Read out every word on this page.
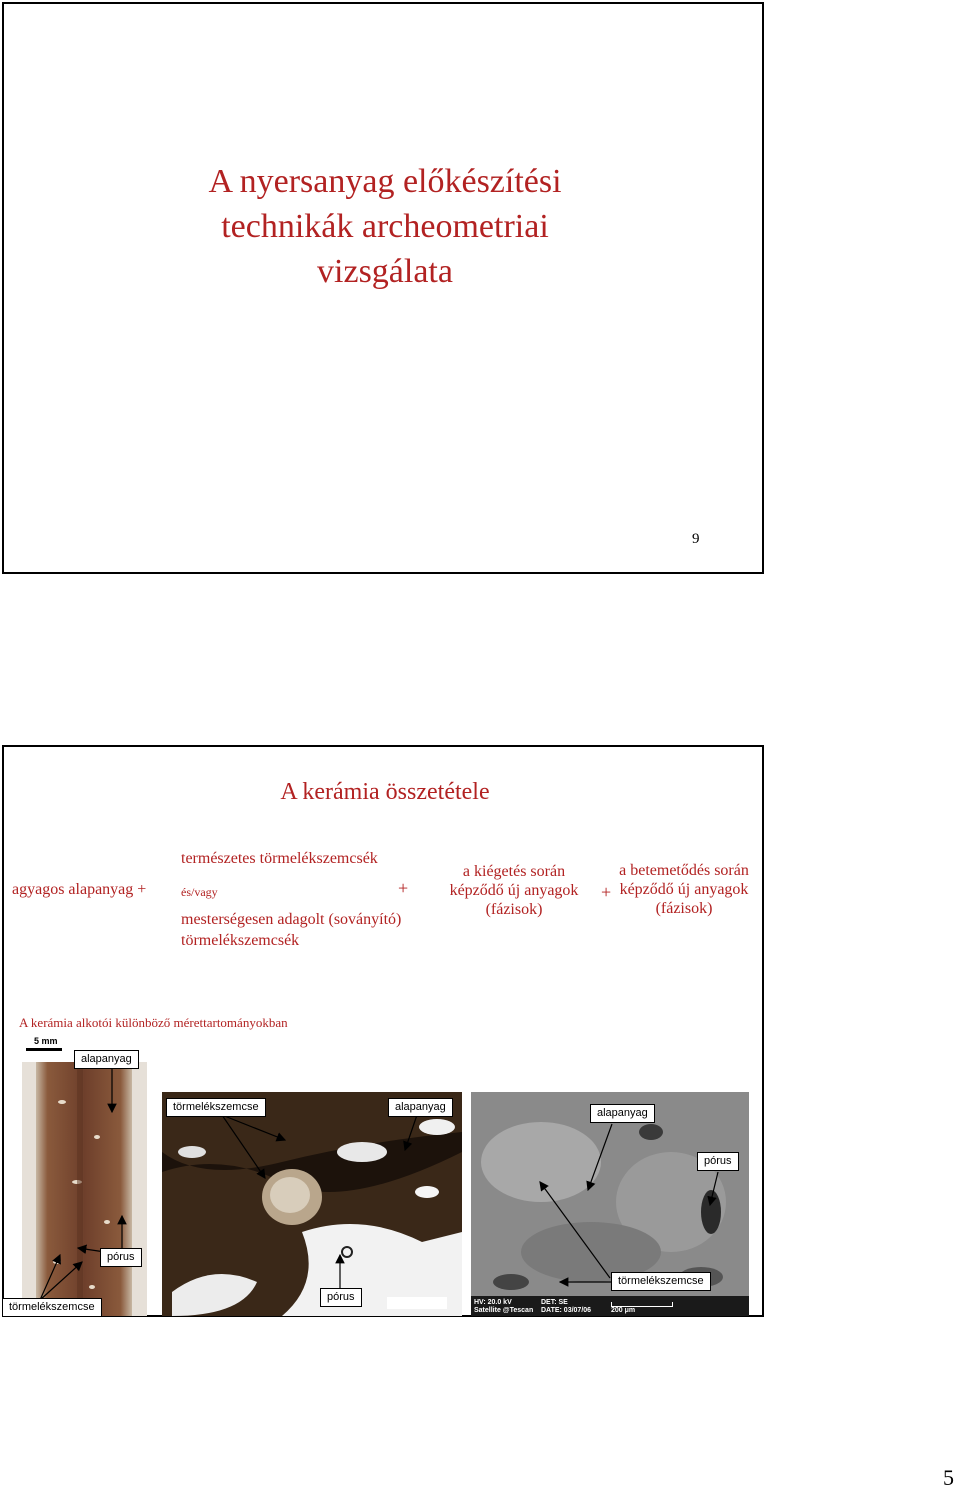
A nyersanyag előkészítési
technikák archeometriai
vizsgálata
9
A kerámia összetétele
agyagos alapanyag +
természetes törmelékszemcsék
és/vagy	+
mesterségesen adagolt (soványító)
törmelékszemcsék
a kiégetés során
képződő új anyagok
(fázisok)
+
a betemetődés során
képződő új anyagok
(fázisok)
A kerámia alkotói különböző mérettartományokban
5 mm
HV: 20.0 kV
Satellite @Tescan
DET: SE
DATE: 03/07/06	200 μm
alapanyag
pórus
törmelékszemcse
törmelékszemcse	alapanyag
pórus
alapanyag
pórus
törmelékszemcse
5
